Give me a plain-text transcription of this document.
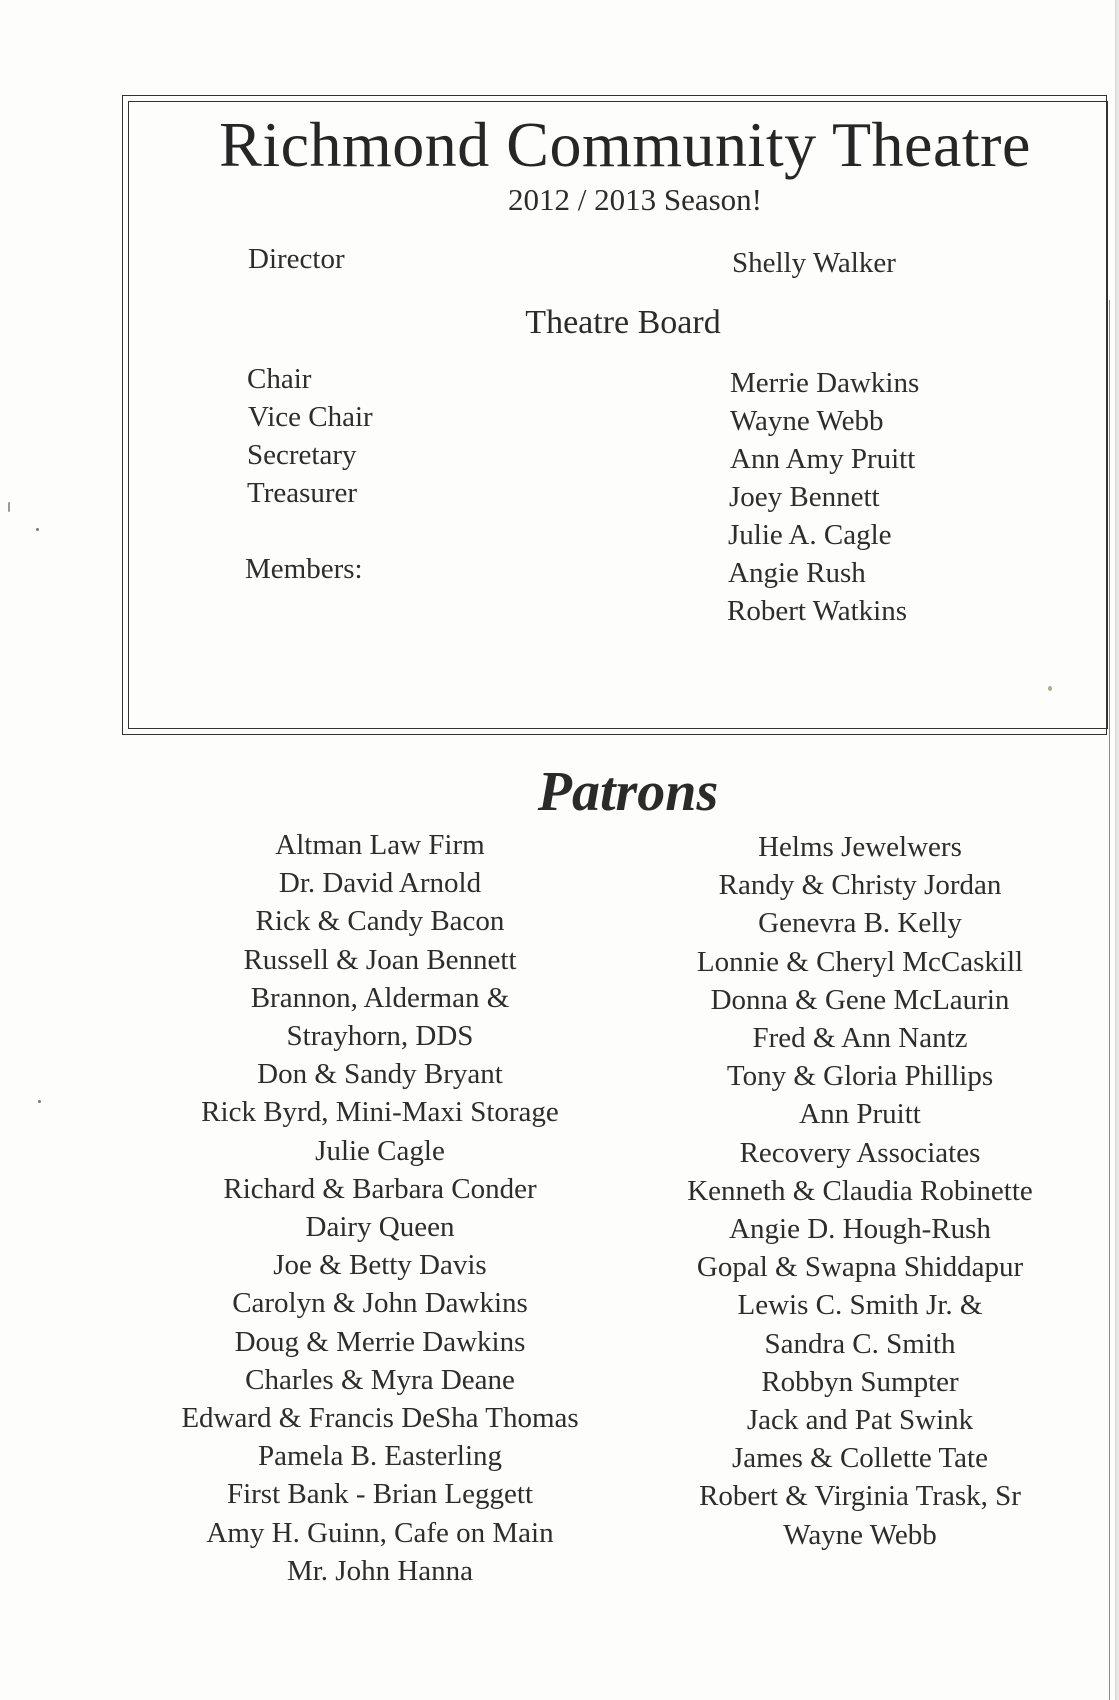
Richmond Community Theatre
2012 / 2013 Season!
Director	Shelly Walker
Theatre Board
Chair
Vice Chair
Secretary
Treasurer
Members:
Merrie Dawkins
Wayne Webb
Ann Amy Pruitt
Joey Bennett
Julie A. Cagle
Angie Rush
Robert Watkins
Patrons
Altman Law Firm
Dr. David Arnold
Rick & Candy Bacon
Russell & Joan Bennett
Brannon, Alderman &
Strayhorn, DDS
Don & Sandy Bryant
Rick Byrd, Mini-Maxi Storage
Julie Cagle
Richard & Barbara Conder
Dairy Queen
Joe & Betty Davis
Carolyn & John Dawkins
Doug & Merrie Dawkins
Charles & Myra Deane
Edward & Francis DeSha Thomas
Pamela B. Easterling
First Bank - Brian Leggett
Amy H. Guinn, Cafe on Main
Mr. John Hanna
Helms Jewelwers
Randy & Christy Jordan
Genevra B. Kelly
Lonnie & Cheryl McCaskill
Donna & Gene McLaurin
Fred & Ann Nantz
Tony & Gloria Phillips
Ann Pruitt
Recovery Associates
Kenneth & Claudia Robinette
Angie D. Hough-Rush
Gopal & Swapna Shiddapur
Lewis C. Smith Jr. &
Sandra C. Smith
Robbyn Sumpter
Jack and Pat Swink
James & Collette Tate
Robert & Virginia Trask, Sr
Wayne Webb
